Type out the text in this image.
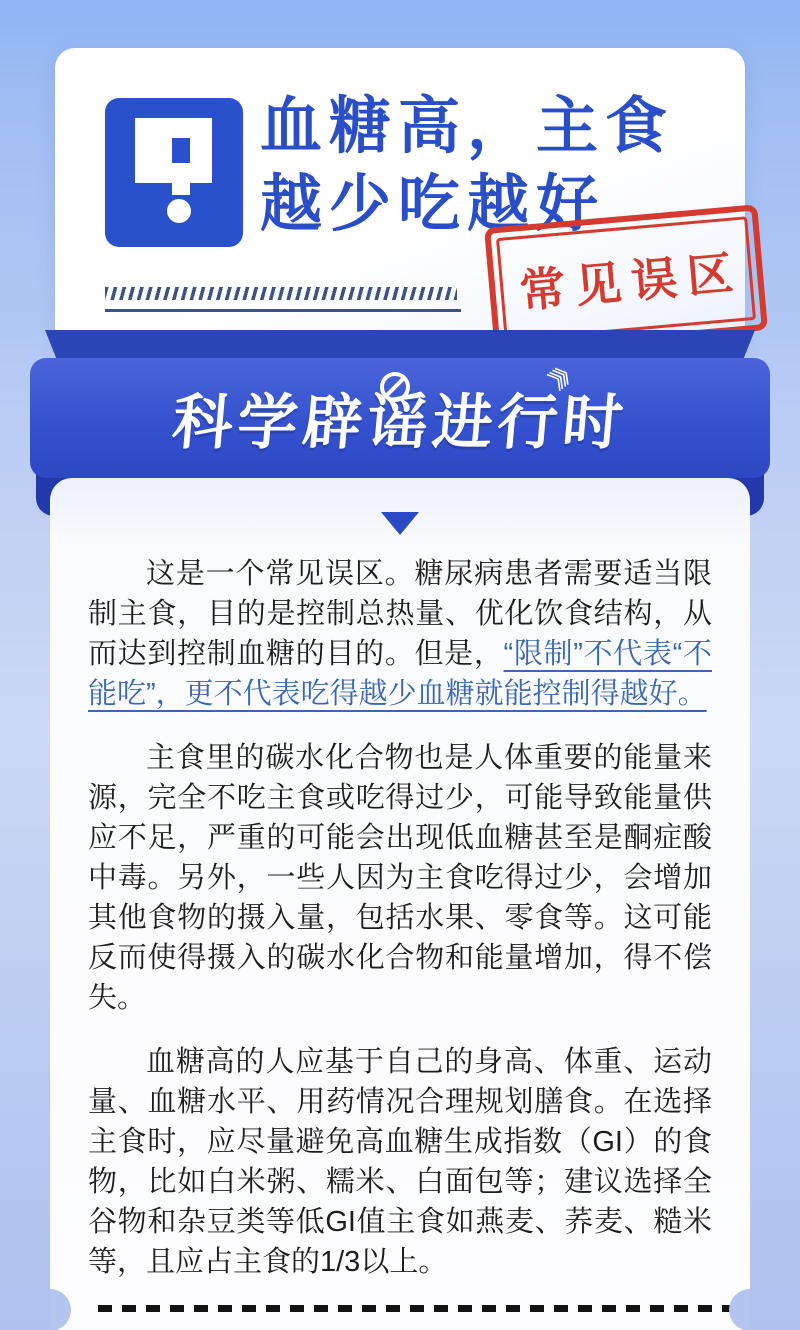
血糖高，主食
越少吃越好
常见误区
科学辟谣进行时
》》

这是一个常见误区。糖尿病患者需要适当限制主食，目的是控制总热量、优化饮食结构，从而达到控制血糖的目的。但是，“限制”不代表“不能吃”，更不代表吃得越少血糖就能控制得越好。

主食里的碳水化合物也是人体重要的能量来源，完全不吃主食或吃得过少，可能导致能量供应不足，严重的可能会出现低血糖甚至是酮症酸中毒。另外，一些人因为主食吃得过少，会增加其他食物的摄入量，包括水果、零食等。这可能反而使得摄入的碳水化合物和能量增加，得不偿失。

血糖高的人应基于自己的身高、体重、运动量、血糖水平、用药情况合理规划膳食。在选择主食时，应尽量避免高血糖生成指数（GI）的食物，比如白米粥、糯米、白面包等；建议选择全谷物和杂豆类等低GI值主食如燕麦、荞麦、糙米等，且应占主食的1/3以上。
